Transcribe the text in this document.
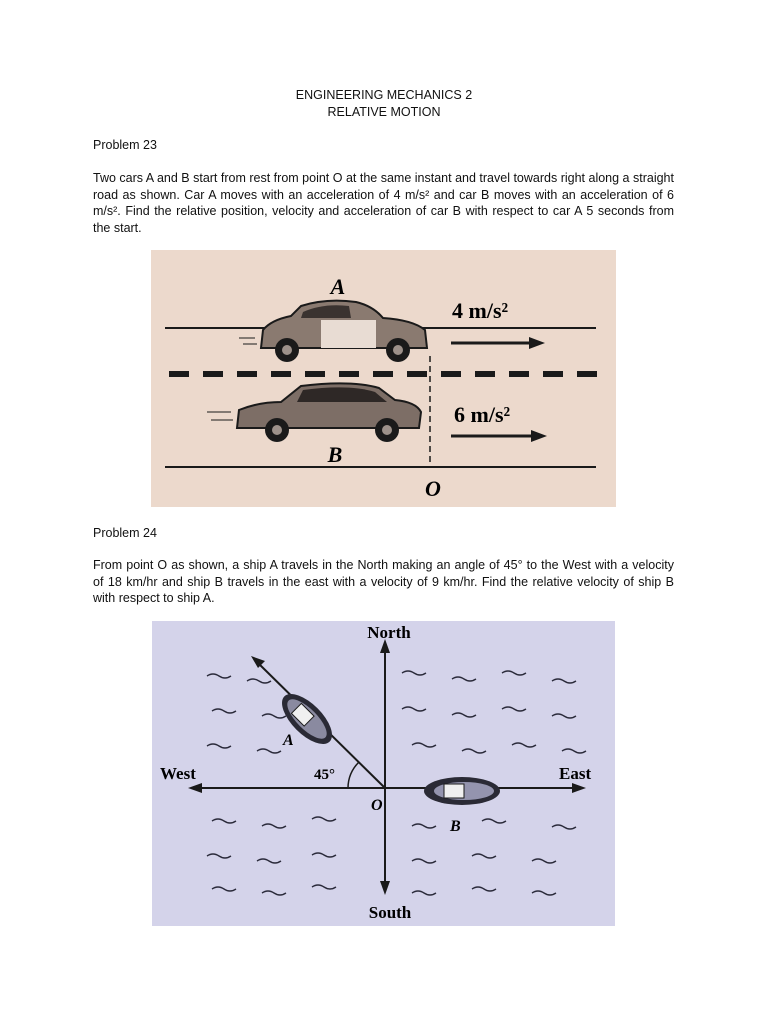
ENGINEERING MECHANICS 2
RELATIVE MOTION
Problem 23
Two cars A and B start from rest from point O at the same instant and travel towards right along a straight road as shown. Car A moves with an acceleration of 4 m/s² and car B moves with an acceleration of 6 m/s². Find the relative position, velocity and acceleration of car B with respect to car A 5 seconds from the start.
A
B
4 m/s²
6 m/s²
O
Problem 24
From point O as shown, a ship A travels in the North making an angle of 45° to the West with a velocity of 18 km/hr and ship B travels in the east with a velocity of 9 km/hr. Find the relative velocity of ship B with respect to ship A.
North
South
West	East
45°
O
A
B
